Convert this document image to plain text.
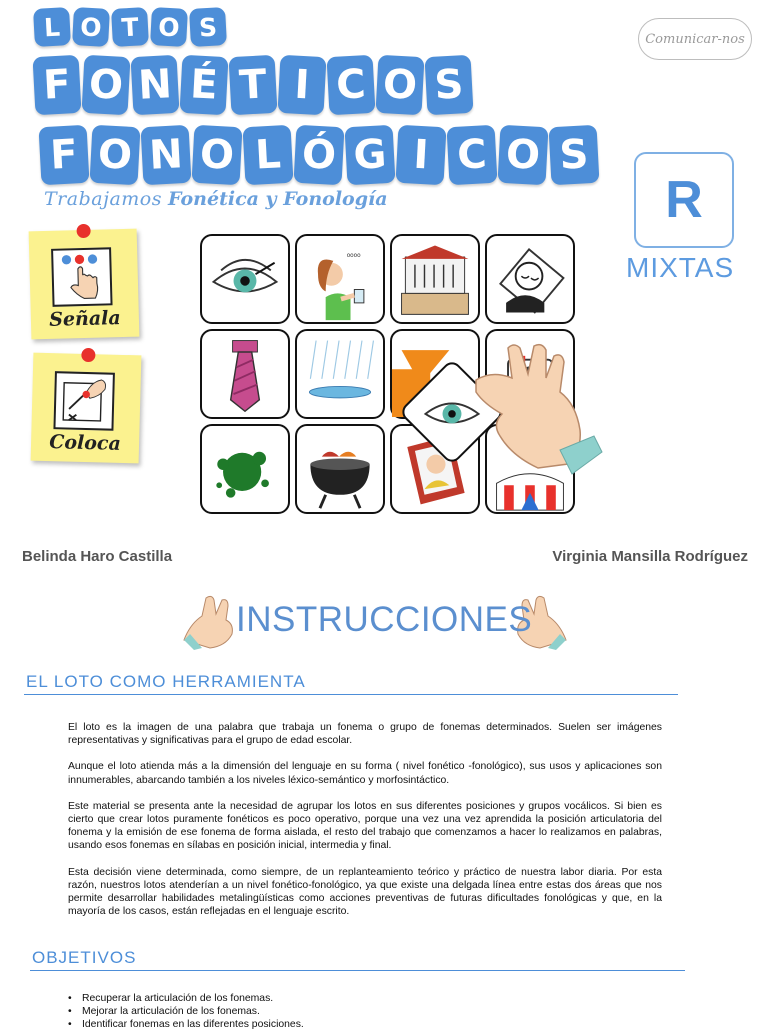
L O T O S
F O N É T I C O S
F O N O L Ó G I C O S
Trabajamos Fonética y Fonología
Comunicar-nos
R
MIXTAS
Señala
Coloca
oooo
Belinda Haro Castilla	Virginia Mansilla Rodríguez
INSTRUCCIONES
EL LOTO COMO HERRAMIENTA

El loto es la imagen de una palabra que trabaja un fonema o grupo de fonemas determinados. Suelen ser imágenes representativas y significativas para el grupo de edad escolar.

Aunque el loto atienda más a la dimensión del lenguaje en su forma ( nivel fonético -fonológico), sus usos y aplicaciones son innumerables, abarcando también a los niveles léxico-semántico y morfosintáctico.

Este material se presenta ante la necesidad de agrupar los lotos en sus diferentes posiciones y grupos vocálicos. Si bien es cierto que crear lotos puramente fonéticos es poco operativo, porque una vez una vez aprendida la posición articulatoria del fonema y la emisión de ese fonema de forma aislada, el resto del trabajo que comenzamos a hacer lo realizamos en palabras, usando esos fonemas en sílabas en posición inicial, intermedia y final.

Esta decisión viene determinada, como siempre, de un replanteamiento teórico y práctico de nuestra labor diaria. Por esta razón, nuestros lotos atenderían a un nivel fonético-fonológico, ya que existe una delgada línea entre estas dos áreas que nos permite desarrollar habilidades metalingüísticas como acciones preventivas de futuras dificultades fonológicas y que, en la mayoría de los casos, están reflejadas en el lenguaje escrito.

OBJETIVOS
• Recuperar la articulación de los fonemas.
• Mejorar la articulación de los fonemas.
• Identificar fonemas en las diferentes posiciones.
